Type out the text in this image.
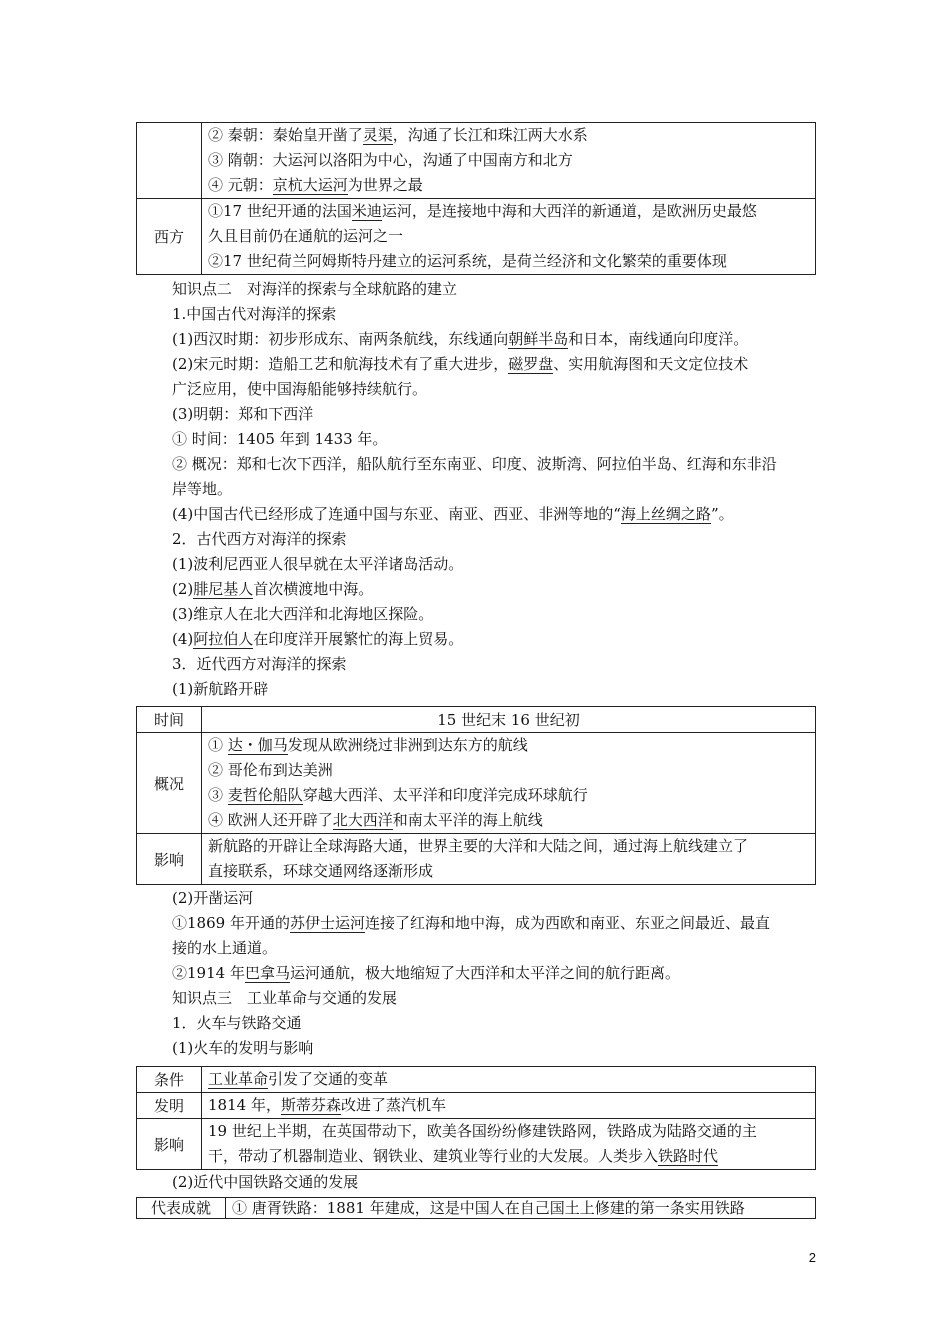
	② 秦朝：秦始皇开凿了灵渠，沟通了长江和珠江两大水系
③ 隋朝：大运河以洛阳为中心，沟通了中国南方和北方
④ 元朝：京杭大运河为世界之最

西方	①17 世纪开通的法国米迪运河，是连接地中海和大西洋的新通道，是欧洲历史最悠
久且目前仍在通航的运河之一
②17 世纪荷兰阿姆斯特丹建立的运河系统，是荷兰经济和文化繁荣的重要体现
知识点二　对海洋的探索与全球航路的建立
1.中国古代对海洋的探索
(1)西汉时期：初步形成东、南两条航线，东线通向朝鲜半岛和日本，南线通向印度洋。
(2)宋元时期：造船工艺和航海技术有了重大进步，磁罗盘、实用航海图和天文定位技术
广泛应用，使中国海船能够持续航行。
(3)明朝：郑和下西洋
① 时间：1405 年到 1433 年。
② 概况：郑和七次下西洋，船队航行至东南亚、印度、波斯湾、阿拉伯半岛、红海和东非沿
岸等地。
(4)中国古代已经形成了连通中国与东亚、南亚、西亚、非洲等地的“海上丝绸之路”。
2．古代西方对海洋的探索
(1)波利尼西亚人很早就在太平洋诸岛活动。
(2)腓尼基人首次横渡地中海。
(3)维京人在北大西洋和北海地区探险。
(4)阿拉伯人在印度洋开展繁忙的海上贸易。
3．近代西方对海洋的探索
(1)新航路开辟
时间	15 世纪末 16 世纪初
概况	① 达・伽马发现从欧洲绕过非洲到达东方的航线
② 哥伦布到达美洲
③ 麦哲伦船队穿越大西洋、太平洋和印度洋完成环球航行
④ 欧洲人还开辟了北大西洋和南太平洋的海上航线

影响	新航路的开辟让全球海路大通，世界主要的大洋和大陆之间，通过海上航线建立了
直接联系，环球交通网络逐渐形成
(2)开凿运河
①1869 年开通的苏伊士运河连接了红海和地中海，成为西欧和南亚、东亚之间最近、最直
接的水上通道。
②1914 年巴拿马运河通航，极大地缩短了大西洋和太平洋之间的航行距离。
知识点三　工业革命与交通的发展
1．火车与铁路交通
(1)火车的发明与影响
条件	工业革命引发了交通的变革

发明	1814 年，斯蒂芬森改进了蒸汽机车

影响	19 世纪上半期，在英国带动下，欧美各国纷纷修建铁路网，铁路成为陆路交通的主
干，带动了机器制造业、钢铁业、建筑业等行业的大发展。人类步入铁路时代
(2)近代中国铁路交通的发展
代表成就	① 唐胥铁路：1881 年建成，这是中国人在自己国土上修建的第一条实用铁路
2
